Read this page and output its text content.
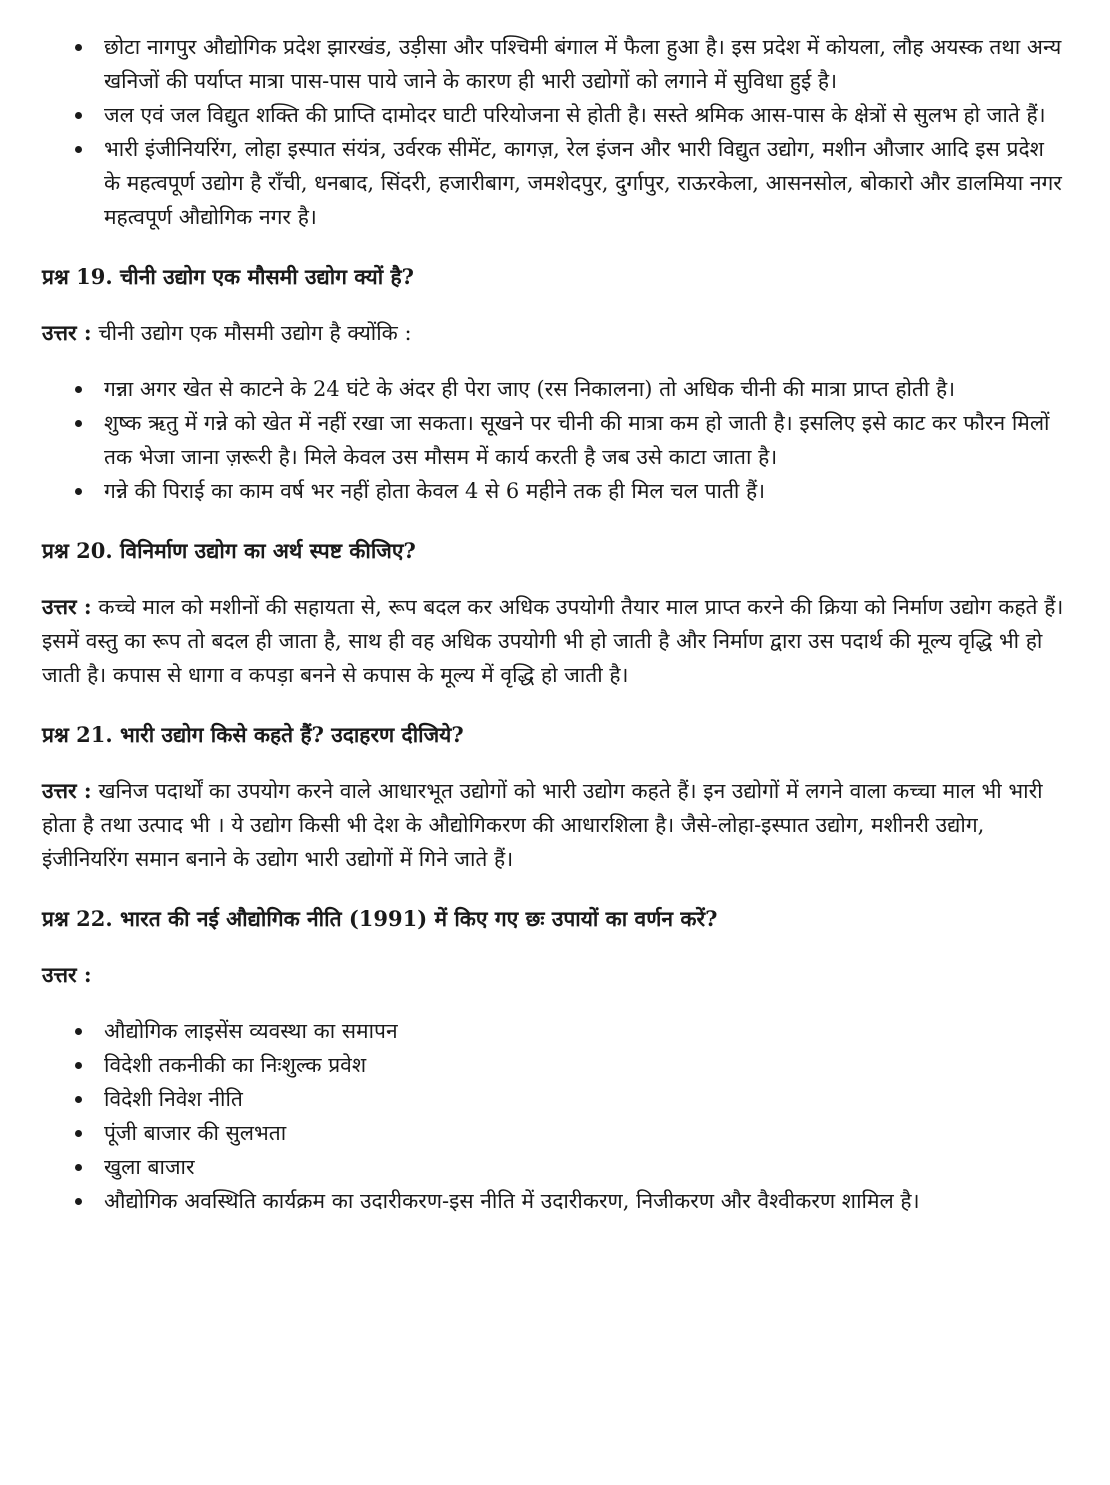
छोटा नागपुर औद्योगिक प्रदेश झारखंड, उड़ीसा और पश्चिमी बंगाल में फैला हुआ है। इस प्रदेश में कोयला, लौह अयस्क तथा अन्य खनिजों की पर्याप्त मात्रा पास-पास पाये जाने के कारण ही भारी उद्योगों को लगाने में सुविधा हुई है।
जल एवं जल विद्युत शक्ति की प्राप्ति दामोदर घाटी परियोजना से होती है। सस्ते श्रमिक आस-पास के क्षेत्रों से सुलभ हो जाते हैं।
भारी इंजीनियरिंग, लोहा इस्पात संयंत्र, उर्वरक सीमेंट, कागज़, रेल इंजन और भारी विद्युत उद्योग, मशीन औजार आदि इस प्रदेश के महत्वपूर्ण उद्योग है राँची, धनबाद, सिंदरी, हजारीबाग, जमशेदपुर, दुर्गापुर, राऊरकेला, आसनसोल, बोकारो और डालमिया नगर महत्वपूर्ण औद्योगिक नगर है।

प्रश्न 19. चीनी उद्योग एक मौसमी उद्योग क्यों है?

उत्तर : चीनी उद्योग एक मौसमी उद्योग है क्योंकि :

गन्ना अगर खेत से काटने के 24 घंटे के अंदर ही पेरा जाए (रस निकालना) तो अधिक चीनी की मात्रा प्राप्त होती है।
शुष्क ऋतु में गन्ने को खेत में नहीं रखा जा सकता। सूखने पर चीनी की मात्रा कम हो जाती है। इसलिए इसे काट कर फौरन मिलों तक भेजा जाना ज़रूरी है। मिले केवल उस मौसम में कार्य करती है जब उसे काटा जाता है।
गन्ने की पिराई का काम वर्ष भर नहीं होता केवल 4 से 6 महीने तक ही मिल चल पाती हैं।

प्रश्न 20. विनिर्माण उद्योग का अर्थ स्पष्ट कीजिए?

उत्तर : कच्चे माल को मशीनों की सहायता से, रूप बदल कर अधिक उपयोगी तैयार माल प्राप्त करने की क्रिया को निर्माण उद्योग कहते हैं। इसमें वस्तु का रूप तो बदल ही जाता है, साथ ही वह अधिक उपयोगी भी हो जाती है और निर्माण द्वारा उस पदार्थ की मूल्य वृद्धि भी हो जाती है। कपास से धागा व कपड़ा बनने से कपास के मूल्य में वृद्धि हो जाती है।

प्रश्न 21. भारी उद्योग किसे कहते हैं? उदाहरण दीजिये?

उत्तर : खनिज पदार्थों का उपयोग करने वाले आधारभूत उद्योगों को भारी उद्योग कहते हैं। इन उद्योगों में लगने वाला कच्चा माल भी भारी होता है तथा उत्पाद भी । ये उद्योग किसी भी देश के औद्योगिकरण की आधारशिला है। जैसे-लोहा-इस्पात उद्योग, मशीनरी उद्योग, इंजीनियरिंग समान बनाने के उद्योग भारी उद्योगों में गिने जाते हैं।

प्रश्न 22. भारत की नई औद्योगिक नीति (1991) में किए गए छः उपायों का वर्णन करें?

उत्तर :

औद्योगिक लाइसेंस व्यवस्था का समापन
विदेशी तकनीकी का निःशुल्क प्रवेश
विदेशी निवेश नीति
पूंजी बाजार की सुलभता
खुला बाजार
औद्योगिक अवस्थिति कार्यक्रम का उदारीकरण-इस नीति में उदारीकरण, निजीकरण और वैश्वीकरण शामिल है।
